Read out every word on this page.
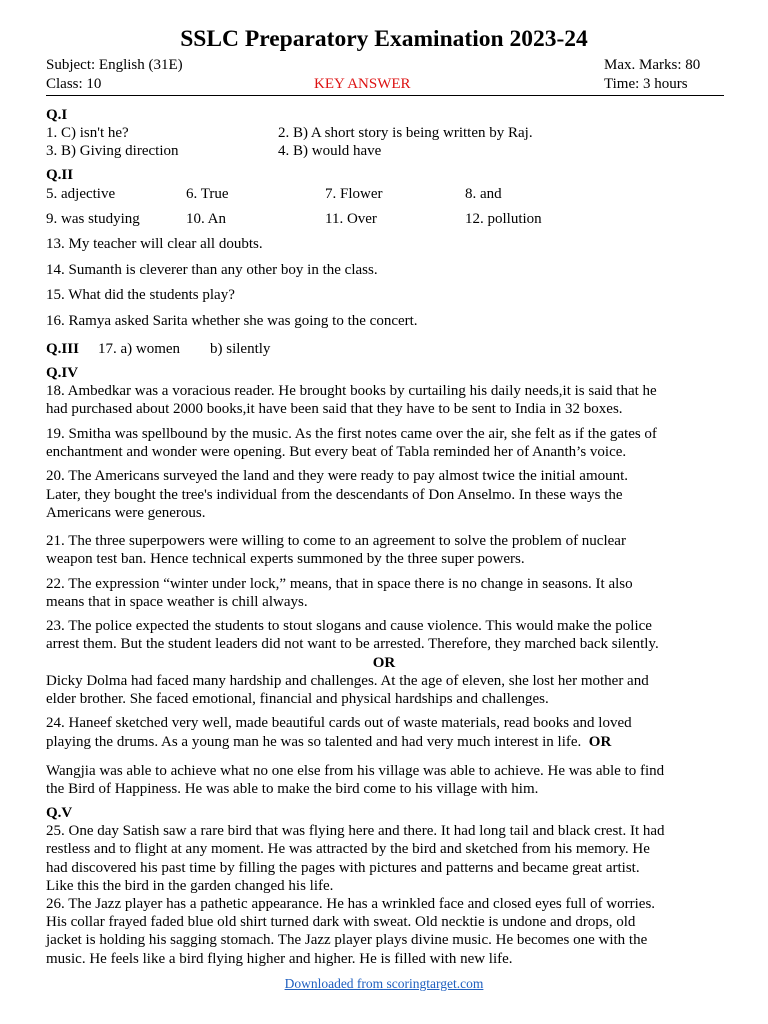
SSLC Preparatory Examination 2023-24
Subject: English (31E)	Max. Marks: 80
Class: 10	KEY ANSWER	Time: 3 hours
Q.I
1. C) isn't he?	2. B) A short story is being written by Raj.
3. B) Giving direction	4. B) would have
Q.II
5. adjective	6. True	7. Flower	8. and
9. was studying	10. An	11. Over	12. pollution
13. My teacher will clear all doubts.
14. Sumanth is cleverer than any other boy in the class.
15. What did the students play?
16. Ramya asked Sarita whether she was going to the concert.
Q.III 17. a) women b) silently
Q.IV
18. Ambedkar was a voracious reader. He brought books by curtailing his daily needs,it is said that he
had purchased about 2000 books,it have been said that they have to be sent to India in 32 boxes.
19. Smitha was spellbound by the music. As the first notes came over the air, she felt as if the gates of
enchantment and wonder were opening. But every beat of Tabla reminded her of Ananth’s voice.
20. The Americans surveyed the land and they were ready to pay almost twice the initial amount.
Later, they bought the tree's individual from the descendants of Don Anselmo. In these ways the
Americans were generous.
21. The three superpowers were willing to come to an agreement to solve the problem of nuclear
weapon test ban. Hence technical experts summoned by the three super powers.
22. The expression “winter under lock,” means, that in space there is no change in seasons. It also
means that in space weather is chill always.
23. The police expected the students to stout slogans and cause violence. This would make the police
arrest them. But the student leaders did not want to be arrested. Therefore, they marched back silently.
OR
Dicky Dolma had faced many hardship and challenges. At the age of eleven, she lost her mother and
elder brother. She faced emotional, financial and physical hardships and challenges.
24. Haneef sketched very well, made beautiful cards out of waste materials, read books and loved
playing the drums. As a young man he was so talented and had very much interest in life. OR
Wangjia was able to achieve what no one else from his village was able to achieve. He was able to find
the Bird of Happiness. He was able to make the bird come to his village with him.
Q.V
25. One day Satish saw a rare bird that was flying here and there. It had long tail and black crest. It had
restless and to flight at any moment. He was attracted by the bird and sketched from his memory. He
had discovered his past time by filling the pages with pictures and patterns and became great artist.
Like this the bird in the garden changed his life.
26. The Jazz player has a pathetic appearance. He has a wrinkled face and closed eyes full of worries.
His collar frayed faded blue old shirt turned dark with sweat. Old necktie is undone and drops, old
jacket is holding his sagging stomach. The Jazz player plays divine music. He becomes one with the
music. He feels like a bird flying higher and higher. He is filled with new life.
Downloaded from scoringtarget.com
